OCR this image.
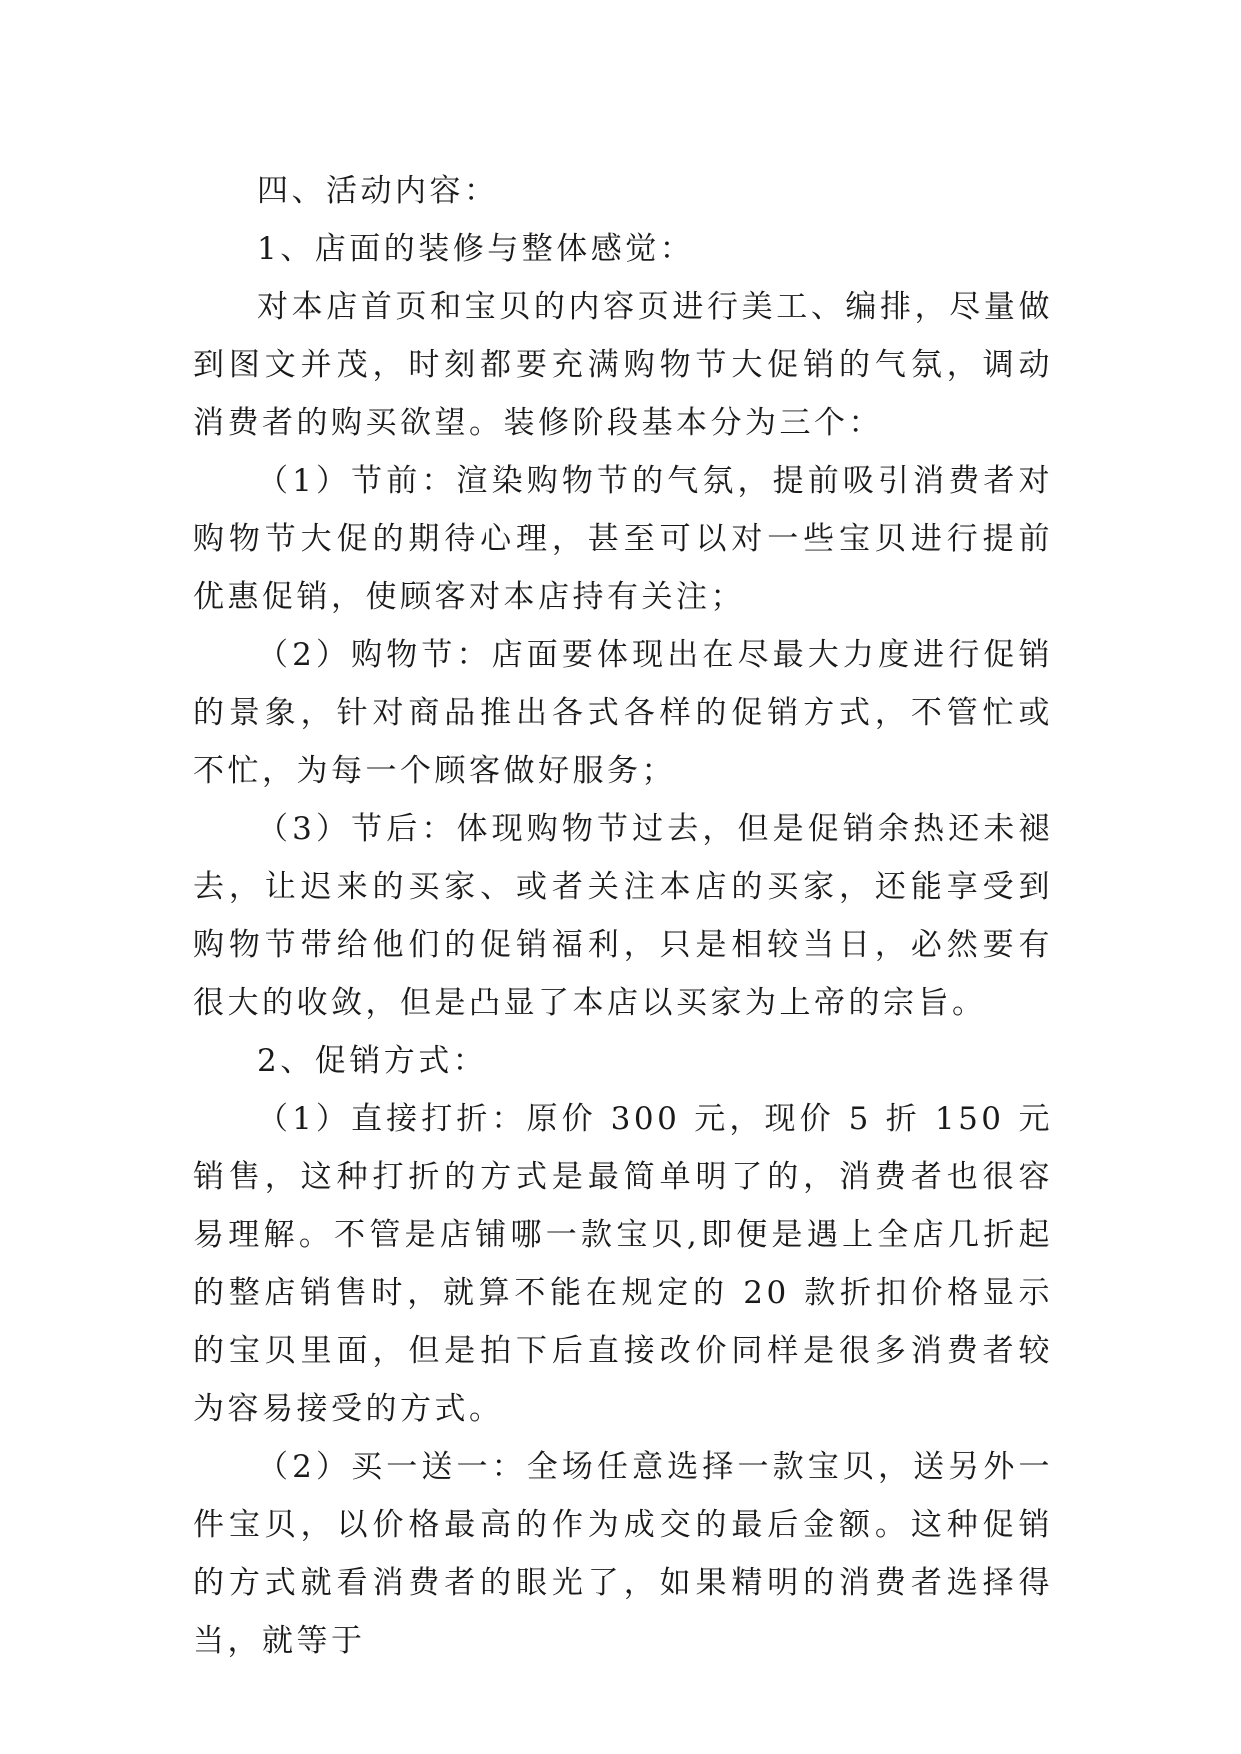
四、活动内容：

1、店面的装修与整体感觉：

对本店首页和宝贝的内容页进行美工、编排，尽量做到图文并茂，时刻都要充满购物节大促销的气氛，调动消费者的购买欲望。装修阶段基本分为三个：

（1）节前：渲染购物节的气氛，提前吸引消费者对购物节大促的期待心理，甚至可以对一些宝贝进行提前优惠促销，使顾客对本店持有关注；

（2）购物节：店面要体现出在尽最大力度进行促销的景象，针对商品推出各式各样的促销方式，不管忙或不忙，为每一个顾客做好服务；

（3）节后：体现购物节过去，但是促销余热还未褪去，让迟来的买家、或者关注本店的买家，还能享受到购物节带给他们的促销福利，只是相较当日，必然要有很大的收敛，但是凸显了本店以买家为上帝的宗旨。

2、促销方式：

（1）直接打折：原价 300 元，现价 5 折 150 元销售，这种打折的方式是最简单明了的，消费者也很容易理解。不管是店铺哪一款宝贝,即便是遇上全店几折起的整店销售时，就算不能在规定的 20 款折扣价格显示的宝贝里面，但是拍下后直接改价同样是很多消费者较为容易接受的方式。

（2）买一送一：全场任意选择一款宝贝，送另外一件宝贝，以价格最高的作为成交的最后金额。这种促销的方式就看消费者的眼光了，如果精明的消费者选择得当，就等于
